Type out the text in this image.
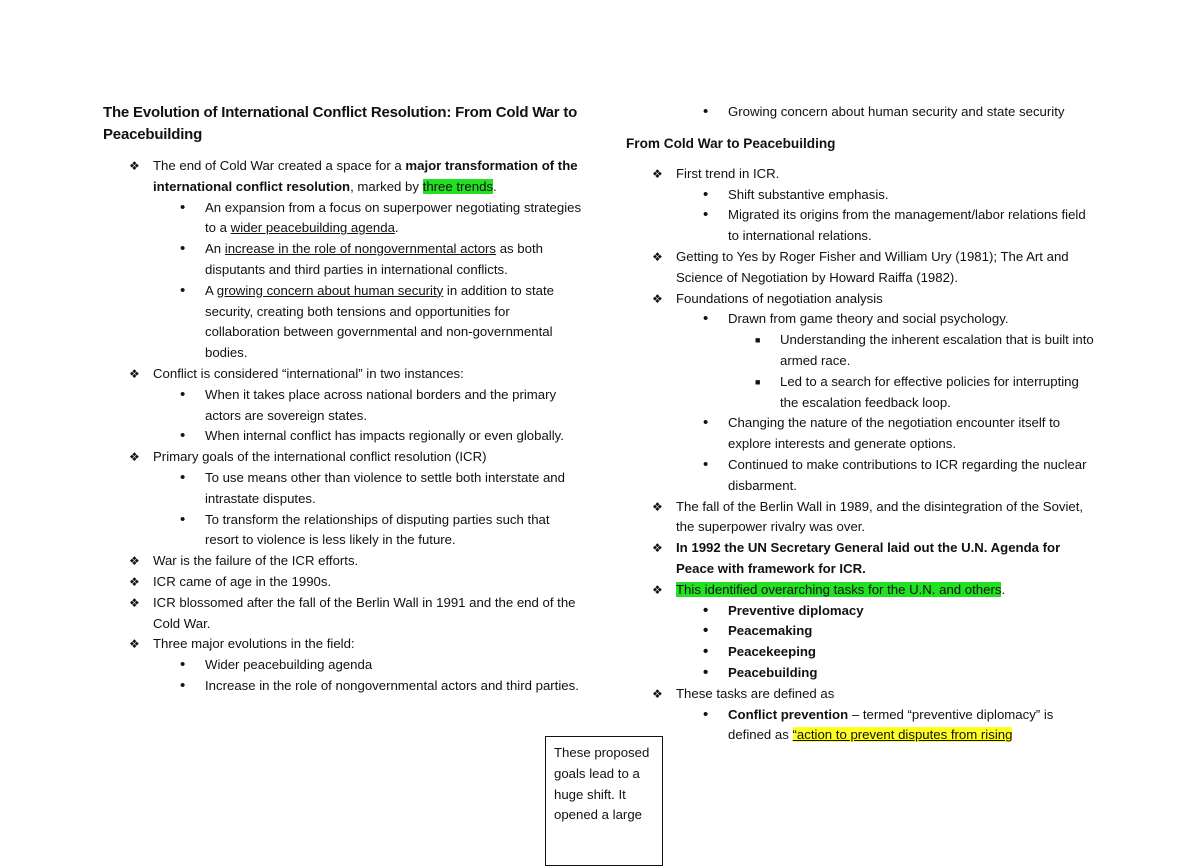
The Evolution of International Conflict Resolution: From Cold War to Peacebuilding
❖ The end of Cold War created a space for a major transformation of the international conflict resolution, marked by three trends.
• An expansion from a focus on superpower negotiating strategies to a wider peacebuilding agenda.
• An increase in the role of nongovernmental actors as both disputants and third parties in international conflicts.
• A growing concern about human security in addition to state security, creating both tensions and opportunities for collaboration between governmental and non-governmental bodies.
❖ Conflict is considered “international” in two instances:
• When it takes place across national borders and the primary actors are sovereign states.
• When internal conflict has impacts regionally or even globally.
❖ Primary goals of the international conflict resolution (ICR)
• To use means other than violence to settle both interstate and intrastate disputes.
• To transform the relationships of disputing parties such that resort to violence is less likely in the future.
❖ War is the failure of the ICR efforts.
❖ ICR came of age in the 1990s.
❖ ICR blossomed after the fall of the Berlin Wall in 1991 and the end of the Cold War.
❖ Three major evolutions in the field:
• Wider peacebuilding agenda
• Increase in the role of nongovernmental actors and third parties.
• Growing concern about human security and state security
From Cold War to Peacebuilding
❖ First trend in ICR.
• Shift substantive emphasis.
• Migrated its origins from the management/labor relations field to international relations.
❖ Getting to Yes by Roger Fisher and William Ury (1981); The Art and Science of Negotiation by Howard Raiffa (1982).
❖ Foundations of negotiation analysis
• Drawn from game theory and social psychology.
■ Understanding the inherent escalation that is built into armed race.
■ Led to a search for effective policies for interrupting the escalation feedback loop.
• Changing the nature of the negotiation encounter itself to explore interests and generate options.
• Continued to make contributions to ICR regarding the nuclear disbarment.
❖ The fall of the Berlin Wall in 1989, and the disintegration of the Soviet, the superpower rivalry was over.
❖ In 1992 the UN Secretary General laid out the U.N. Agenda for Peace with framework for ICR.
❖ This identified overarching tasks for the U.N. and others.
• Preventive diplomacy
• Peacemaking
• Peacekeeping
• Peacebuilding
❖ These tasks are defined as
• Conflict prevention – termed “preventive diplomacy” is defined as “action to prevent disputes from rising
These proposed goals lead to a huge shift. It opened a large
